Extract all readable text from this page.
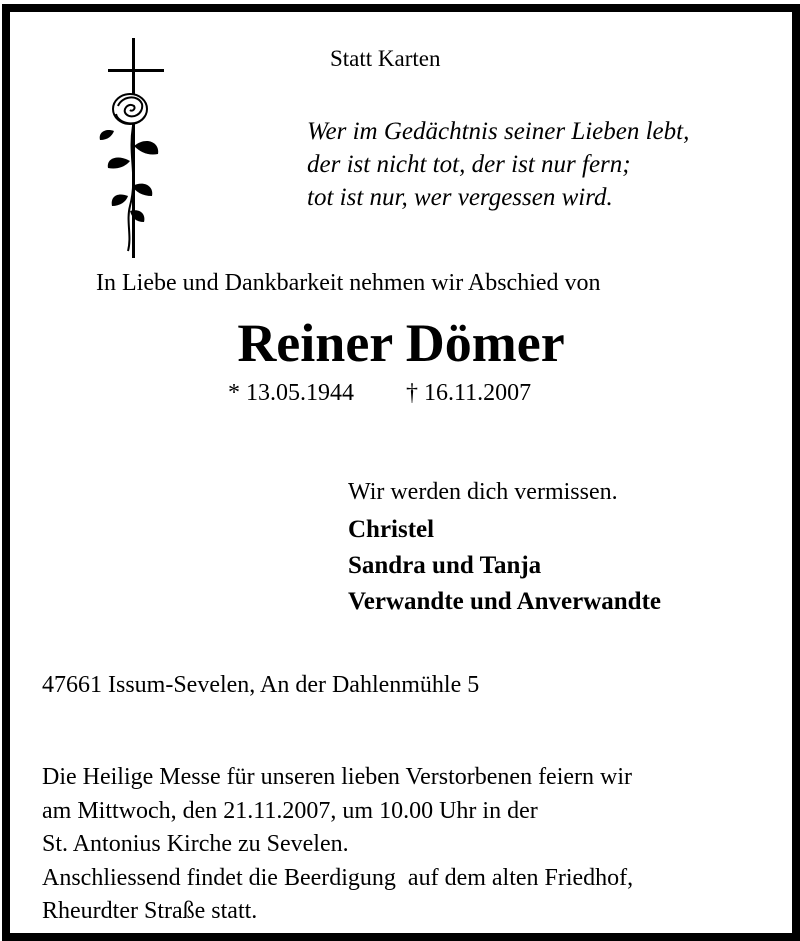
Statt Karten
Wer im Gedächtnis seiner Lieben lebt,
der ist nicht tot, der ist nur fern;
tot ist nur, wer vergessen wird.
In Liebe und Dankbarkeit nehmen wir Abschied von
Reiner Dömer
* 13.05.1944 † 16.11.2007
Wir werden dich vermissen.
Christel
Sandra und Tanja
Verwandte und Anverwandte
47661 Issum-Sevelen, An der Dahlenmühle 5
Die Heilige Messe für unseren lieben Verstorbenen feiern wir
am Mittwoch, den 21.11.2007, um 10.00 Uhr in der
St. Antonius Kirche zu Sevelen.
Anschliessend findet die Beerdigung  auf dem alten Friedhof,
Rheurdter Straße statt.
